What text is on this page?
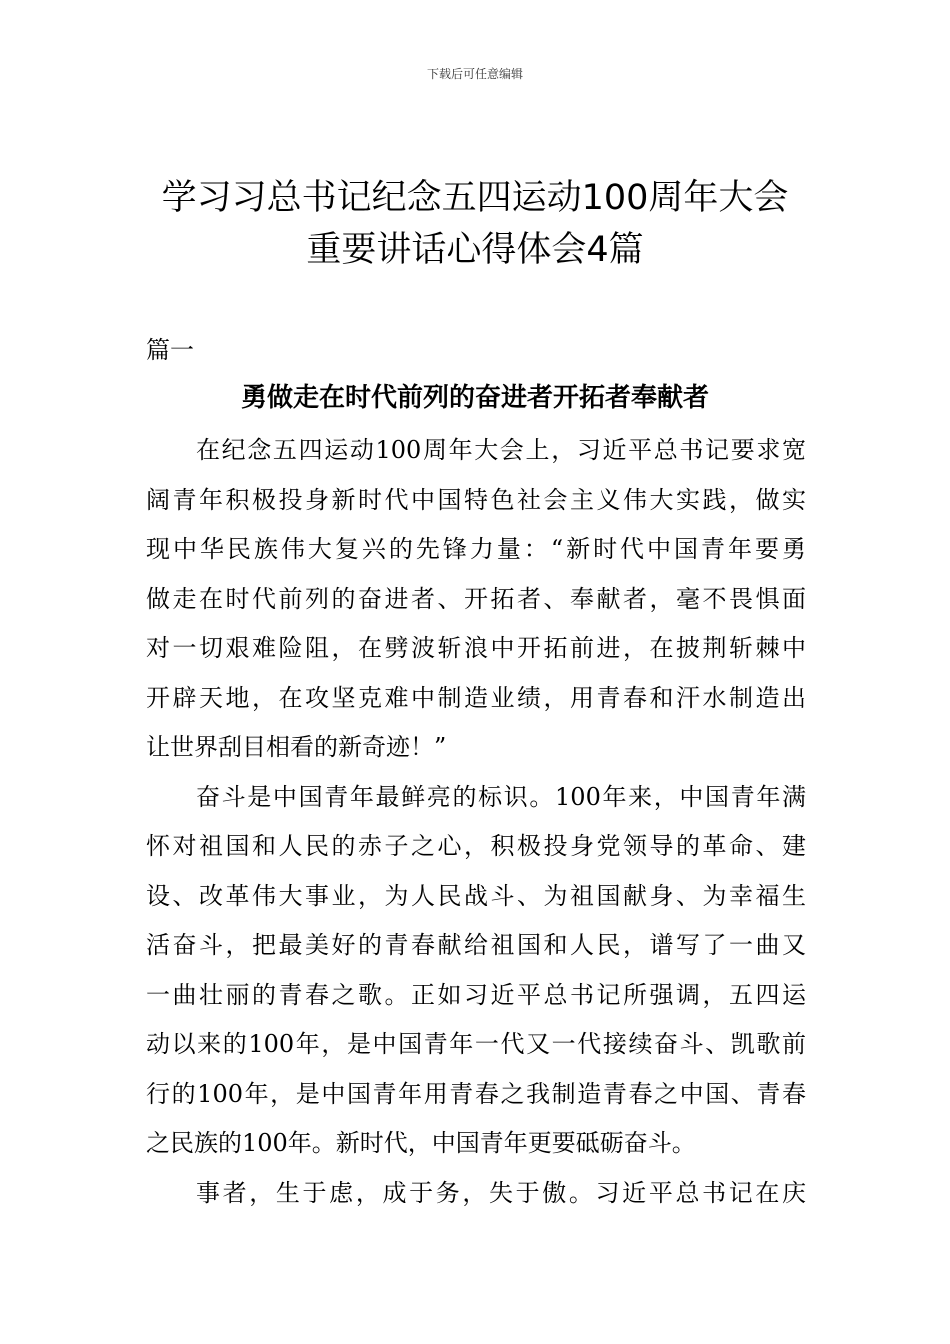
下载后可任意编辑
学习习总书记纪念五四运动100周年大会
重要讲话心得体会4篇
篇一
勇做走在时代前列的奋进者开拓者奉献者

在纪念五四运动100周年大会上，习近平总书记要求宽
阔青年积极投身新时代中国特色社会主义伟大实践，做实
现中华民族伟大复兴的先锋力量：“新时代中国青年要勇
做走在时代前列的奋进者、开拓者、奉献者，毫不畏惧面
对一切艰难险阻，在劈波斩浪中开拓前进，在披荆斩棘中
开辟天地，在攻坚克难中制造业绩，用青春和汗水制造出
让世界刮目相看的新奇迹！”

奋斗是中国青年最鲜亮的标识。100年来，中国青年满
怀对祖国和人民的赤子之心，积极投身党领导的革命、建
设、改革伟大事业，为人民战斗、为祖国献身、为幸福生
活奋斗，把最美好的青春献给祖国和人民，谱写了一曲又
一曲壮丽的青春之歌。正如习近平总书记所强调，五四运
动以来的100年，是中国青年一代又一代接续奋斗、凯歌前
行的100年，是中国青年用青春之我制造青春之中国、青春
之民族的100年。新时代，中国青年更要砥砺奋斗。

事者，生于虑，成于务，失于傲。习近平总书记在庆
